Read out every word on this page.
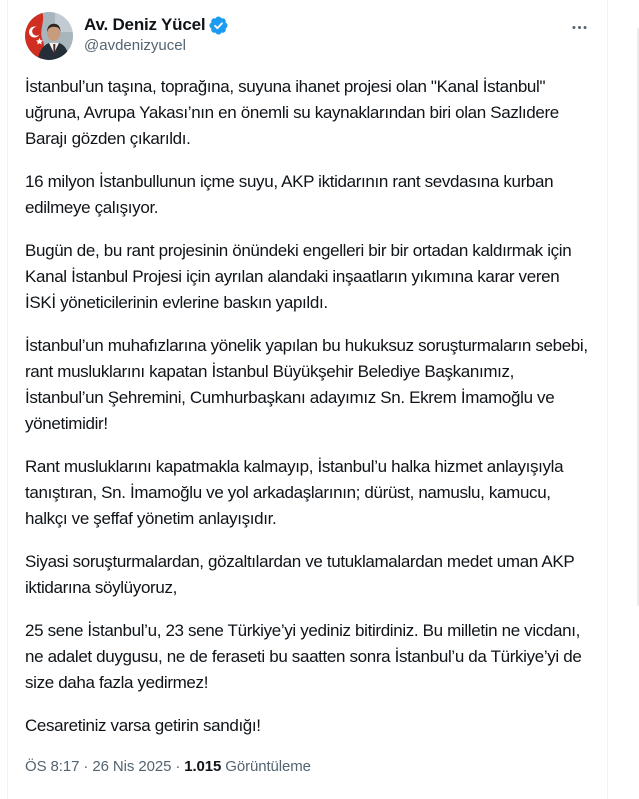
Av. Deniz Yücel
@avdenizyucel

İstanbul’un taşına, toprağına, suyuna ihanet projesi olan "Kanal İstanbul" uğruna, Avrupa Yakası’nın en önemli su kaynaklarından biri olan Sazlıdere Barajı gözden çıkarıldı.

16 milyon İstanbullunun içme suyu, AKP iktidarının rant sevdasına kurban edilmeye çalışıyor.

Bugün de, bu rant projesinin önündeki engelleri bir bir ortadan kaldırmak için Kanal İstanbul Projesi için ayrılan alandaki inşaatların yıkımına karar veren İSKİ yöneticilerinin evlerine baskın yapıldı.

İstanbul’un muhafızlarına yönelik yapılan bu hukuksuz soruşturmaların sebebi, rant musluklarını kapatan İstanbul Büyükşehir Belediye Başkanımız, İstanbul’un Şehremini, Cumhurbaşkanı adayımız Sn. Ekrem İmamoğlu ve yönetimidir!

Rant musluklarını kapatmakla kalmayıp, İstanbul’u halka hizmet anlayışıyla tanıştıran, Sn. İmamoğlu ve yol arkadaşlarının; dürüst, namuslu, kamucu, halkçı ve şeffaf yönetim anlayışıdır.

Siyasi soruşturmalardan, gözaltılardan ve tutuklamalardan medet uman AKP iktidarına söylüyoruz,

25 sene İstanbul’u, 23 sene Türkiye’yi yediniz bitirdiniz. Bu milletin ne vicdanı, ne adalet duygusu, ne de feraseti bu saatten sonra İstanbul’u da Türkiye’yi de size daha fazla yedirmez!

Cesaretiniz varsa getirin sandığı!

ÖS 8:17 · 26 Nis 2025 · 1.015 Görüntüleme
